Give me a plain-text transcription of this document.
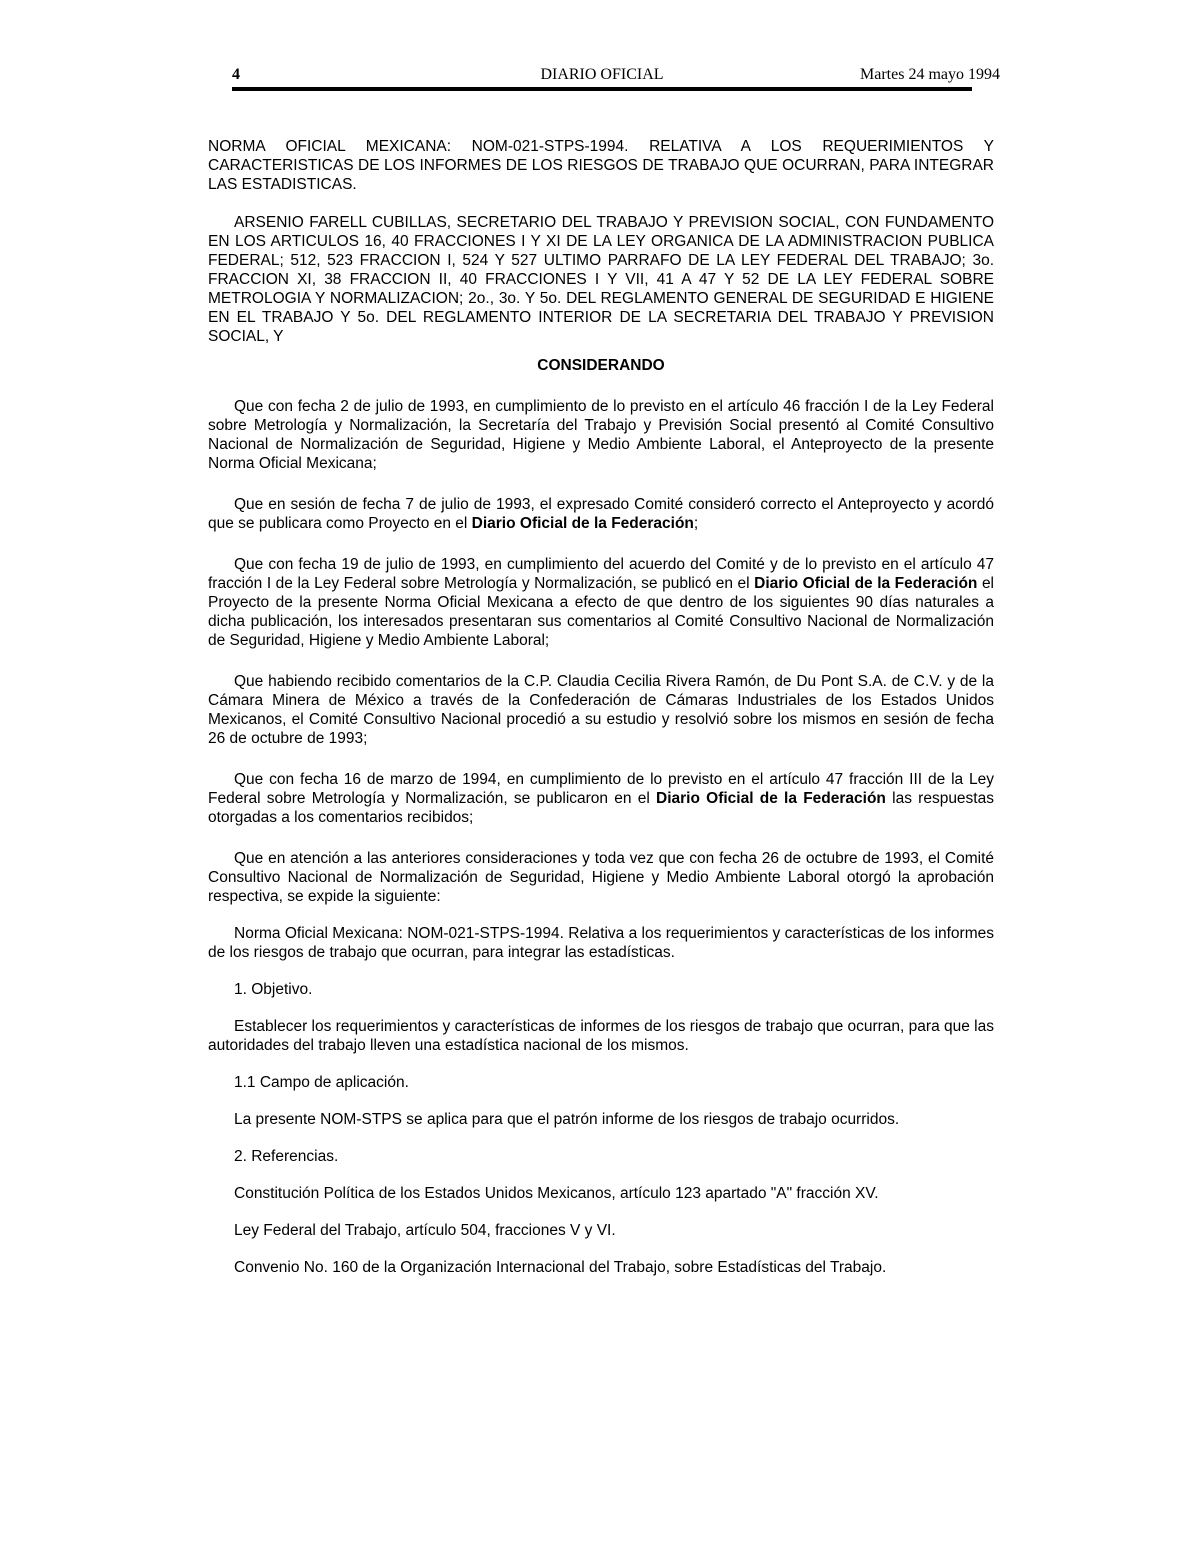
4	DIARIO OFICIAL	Martes 24 mayo 1994

NORMA OFICIAL MEXICANA: NOM-021-STPS-1994. RELATIVA A LOS REQUERIMIENTOS Y CARACTERISTICAS DE LOS INFORMES DE LOS RIESGOS DE TRABAJO QUE OCURRAN, PARA INTEGRAR LAS ESTADISTICAS.

ARSENIO FARELL CUBILLAS, SECRETARIO DEL TRABAJO Y PREVISION SOCIAL, CON FUNDAMENTO EN LOS ARTICULOS 16, 40 FRACCIONES I Y XI DE LA LEY ORGANICA DE LA ADMINISTRACION PUBLICA FEDERAL; 512, 523 FRACCION I, 524 Y 527 ULTIMO PARRAFO DE LA LEY FEDERAL DEL TRABAJO; 3o. FRACCION XI, 38 FRACCION II, 40 FRACCIONES I Y VII, 41 A 47 Y 52 DE LA LEY FEDERAL SOBRE METROLOGIA Y NORMALIZACION; 2o., 3o. Y 5o. DEL REGLAMENTO GENERAL DE SEGURIDAD E HIGIENE EN EL TRABAJO Y 5o. DEL REGLAMENTO INTERIOR DE LA SECRETARIA DEL TRABAJO Y PREVISION SOCIAL, Y

CONSIDERANDO

Que con fecha 2 de julio de 1993, en cumplimiento de lo previsto en el artículo 46 fracción I de la Ley Federal sobre Metrología y Normalización, la Secretaría del Trabajo y Previsión Social presentó al Comité Consultivo Nacional de Normalización de Seguridad, Higiene y Medio Ambiente Laboral, el Anteproyecto de la presente Norma Oficial Mexicana;

Que en sesión de fecha 7 de julio de 1993, el expresado Comité consideró correcto el Anteproyecto y acordó que se publicara como Proyecto en el Diario Oficial de la Federación;

Que con fecha 19 de julio de 1993, en cumplimiento del acuerdo del Comité y de lo previsto en el artículo 47 fracción I de la Ley Federal sobre Metrología y Normalización, se publicó en el Diario Oficial de la Federación el Proyecto de la presente Norma Oficial Mexicana a efecto de que dentro de los siguientes 90 días naturales a dicha publicación, los interesados presentaran sus comentarios al Comité Consultivo Nacional de Normalización de Seguridad, Higiene y Medio Ambiente Laboral;

Que habiendo recibido comentarios de la C.P. Claudia Cecilia Rivera Ramón, de Du Pont S.A. de C.V. y de la Cámara Minera de México a través de la Confederación de Cámaras Industriales de los Estados Unidos Mexicanos, el Comité Consultivo Nacional procedió a su estudio y resolvió sobre los mismos en sesión de fecha 26 de octubre de 1993;

Que con fecha 16 de marzo de 1994, en cumplimiento de lo previsto en el artículo 47 fracción III de la Ley Federal sobre Metrología y Normalización, se publicaron en el Diario Oficial de la Federación las respuestas otorgadas a los comentarios recibidos;

Que en atención a las anteriores consideraciones y toda vez que con fecha 26 de octubre de 1993, el Comité Consultivo Nacional de Normalización de Seguridad, Higiene y Medio Ambiente Laboral otorgó la aprobación respectiva, se expide la siguiente:

Norma Oficial Mexicana: NOM-021-STPS-1994. Relativa a los requerimientos y características de los informes de los riesgos de trabajo que ocurran, para integrar las estadísticas.

1. Objetivo.

Establecer los requerimientos y características de informes de los riesgos de trabajo que ocurran, para que las autoridades del trabajo lleven una estadística nacional de los mismos.

1.1 Campo de aplicación.

La presente NOM-STPS se aplica para que el patrón informe de los riesgos de trabajo ocurridos.

2. Referencias.

Constitución Política de los Estados Unidos Mexicanos, artículo 123 apartado "A" fracción XV.

Ley Federal del Trabajo, artículo 504, fracciones V y VI.

Convenio No. 160 de la Organización Internacional del Trabajo, sobre Estadísticas del Trabajo.
